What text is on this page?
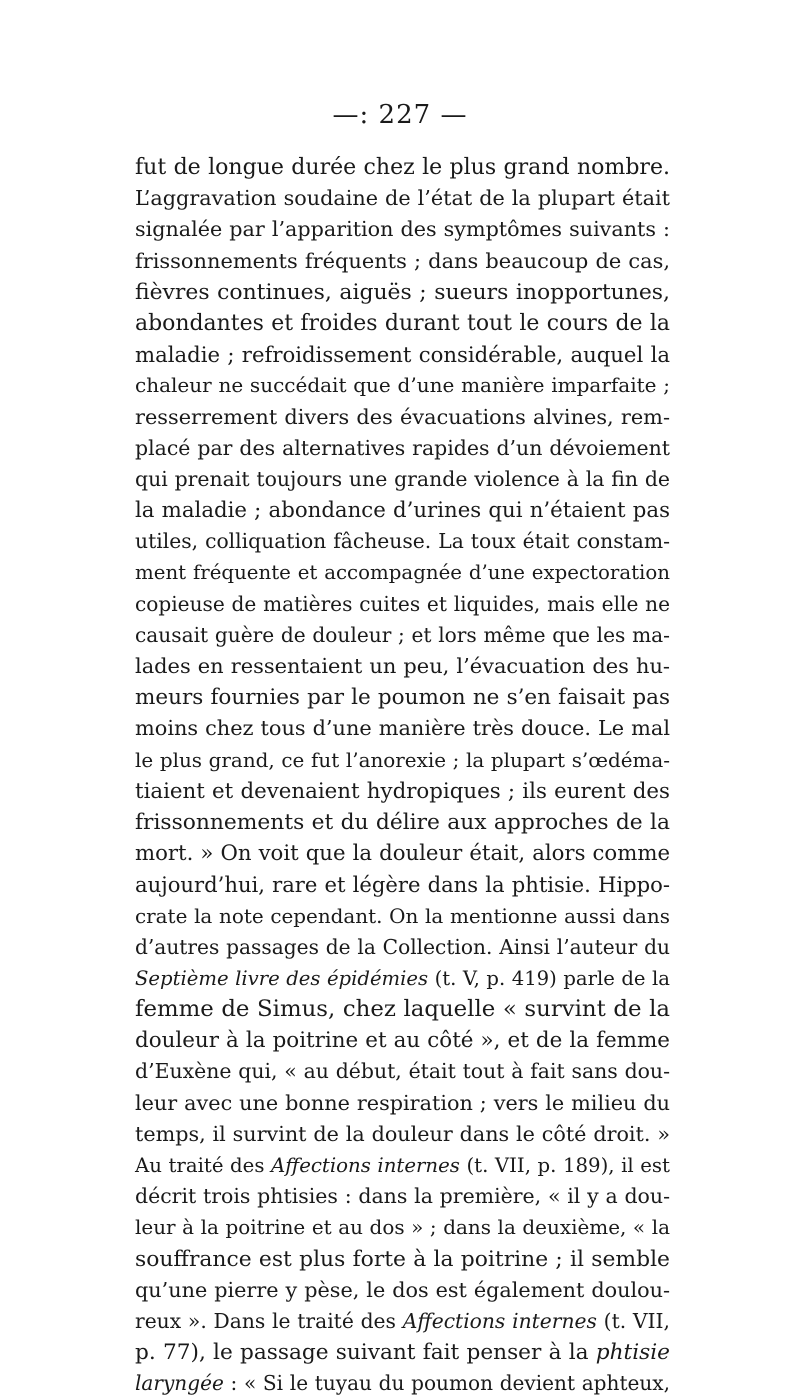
—: 227 —
fut de longue durée chez le plus grand nombre.
L’aggravation soudaine de l’état de la plupart était
signalée par l’apparition des symptômes suivants :
frissonnements fréquents ; dans beaucoup de cas,
fièvres continues, aiguës ; sueurs inopportunes,
abondantes et froides durant tout le cours de la
maladie ; refroidissement considérable, auquel la
chaleur ne succédait que d’une manière imparfaite ;
resserrement divers des évacuations alvines, rem-
placé par des alternatives rapides d’un dévoiement
qui prenait toujours une grande violence à la fin de
la maladie ; abondance d’urines qui n’étaient pas
utiles, colliquation fâcheuse. La toux était constam-
ment fréquente et accompagnée d’une expectoration
copieuse de matières cuites et liquides, mais elle ne
causait guère de douleur ; et lors même que les ma-
lades en ressentaient un peu, l’évacuation des hu-
meurs fournies par le poumon ne s’en faisait pas
moins chez tous d’une manière très douce. Le mal
le plus grand, ce fut l’anorexie ; la plupart s’œdéma-
tiaient et devenaient hydropiques ; ils eurent des
frissonnements et du délire aux approches de la
mort. » On voit que la douleur était, alors comme
aujourd’hui, rare et légère dans la phtisie. Hippo-
crate la note cependant. On la mentionne aussi dans
d’autres passages de la Collection. Ainsi l’auteur du
Septième livre des épidémies (t. V, p. 419) parle de la
femme de Simus, chez laquelle « survint de la
douleur à la poitrine et au côté », et de la femme
d’Euxène qui, « au début, était tout à fait sans dou-
leur avec une bonne respiration ; vers le milieu du
temps, il survint de la douleur dans le côté droit. »
Au traité des Affections internes (t. VII, p. 189), il est
décrit trois phtisies : dans la première, « il y a dou-
leur à la poitrine et au dos » ; dans la deuxième, « la
souffrance est plus forte à la poitrine ; il semble
qu’une pierre y pèse, le dos est également doulou-
reux ». Dans le traité des Affections internes (t. VII,
p. 77), le passage suivant fait penser à la phtisie
laryngée : « Si le tuyau du poumon devient aphteux,
